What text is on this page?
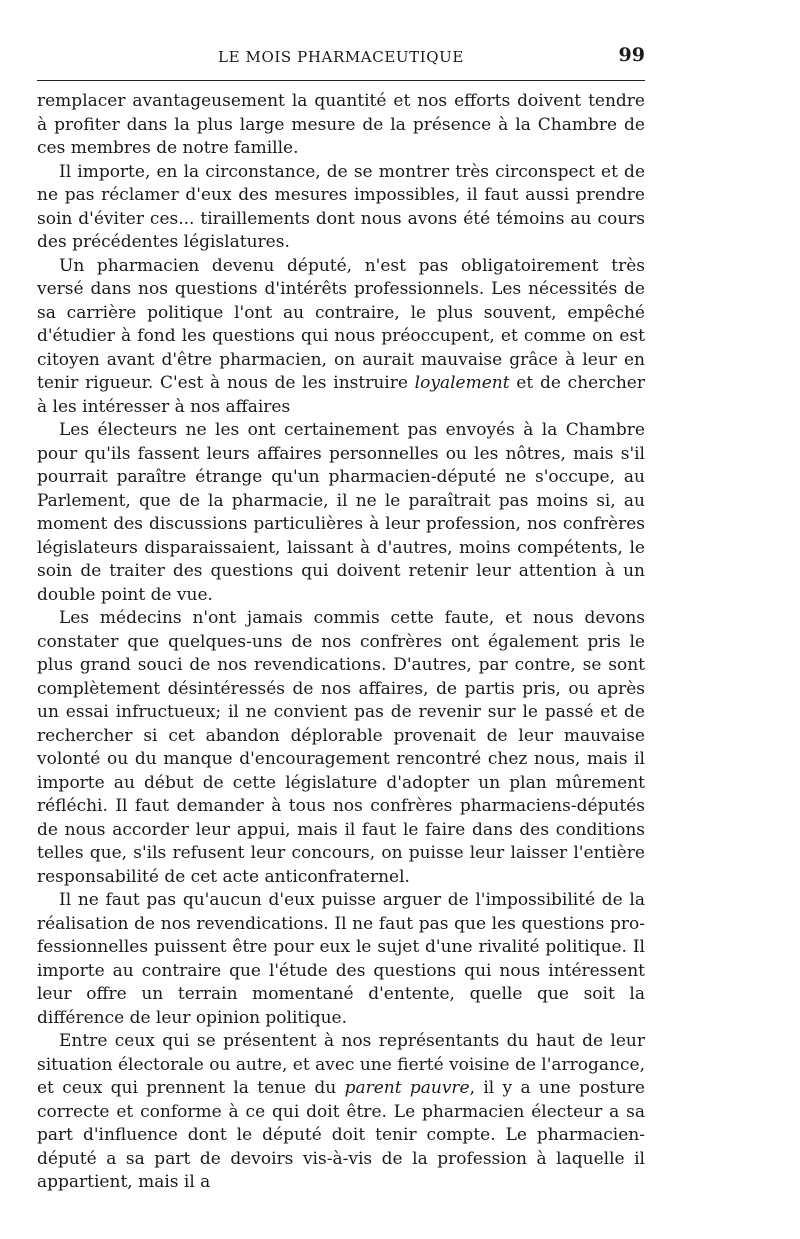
LE MOIS PHARMACEUTIQUE	99

remplacer avantageusement la quantité et nos efforts doivent tendre à profiter dans la plus large mesure de la présence à la Chambre de ces membres de notre famille.

Il importe, en la circonstance, de se montrer très circonspect et de ne pas réclamer d'eux des mesures impossibles, il faut aussi prendre soin d'éviter ces... tiraillements dont nous avons été témoins au cours des précédentes législatures.

Un pharmacien devenu député, n'est pas obligatoirement très versé dans nos questions d'intérêts professionnels. Les nécessités de sa carrière politique l'ont au contraire, le plus souvent, empêché d'étudier à fond les questions qui nous préoccupent, et comme on est citoyen avant d'être pharmacien, on aurait mauvaise grâce à leur en tenir rigueur. C'est à nous de les instruire loyalement et de chercher à les intéresser à nos affaires

Les électeurs ne les ont certainement pas envoyés à la Chambre pour qu'ils fassent leurs affaires personnelles ou les nôtres, mais s'il pourrait paraître étrange qu'un pharmacien-député ne s'occupe, au Parlement, que de la pharmacie, il ne le paraîtrait pas moins si, au moment des discussions particulières à leur profession, nos confrères législateurs disparaissaient, laissant à d'autres, moins compétents, le soin de traiter des questions qui doivent retenir leur attention à un double point de vue.

Les médecins n'ont jamais commis cette faute, et nous devons constater que quelques-uns de nos confrères ont également pris le plus grand souci de nos revendications. D'autres, par contre, se sont complètement désintéressés de nos affaires, de partis pris, ou après un essai infructueux; il ne convient pas de revenir sur le passé et de rechercher si cet abandon déplorable provenait de leur mauvaise volonté ou du manque d'encouragement rencontré chez nous, mais il importe au début de cette législature d'adopter un plan mûrement réfléchi. Il faut demander à tous nos confrères pharmaciens-députés de nous accorder leur appui, mais il faut le faire dans des conditions telles que, s'ils refusent leur concours, on puisse leur laisser l'entière responsabilité de cet acte anticonfraternel.

Il ne faut pas qu'aucun d'eux puisse arguer de l'impossibilité de la réalisation de nos revendications. Il ne faut pas que les questions professionnelles puissent être pour eux le sujet d'une rivalité politique. Il importe au contraire que l'étude des questions qui nous intéressent leur offre un terrain momentané d'entente, quelle que soit la différence de leur opinion politique.

Entre ceux qui se présentent à nos représentants du haut de leur situation électorale ou autre, et avec une fierté voisine de l'arrogance, et ceux qui prennent la tenue du parent pauvre, il y a une posture correcte et conforme à ce qui doit être. Le pharmacien électeur a sa part d'influence dont le député doit tenir compte. Le pharmacien-député a sa part de devoirs vis-à-vis de la profession à laquelle il appartient, mais il a
